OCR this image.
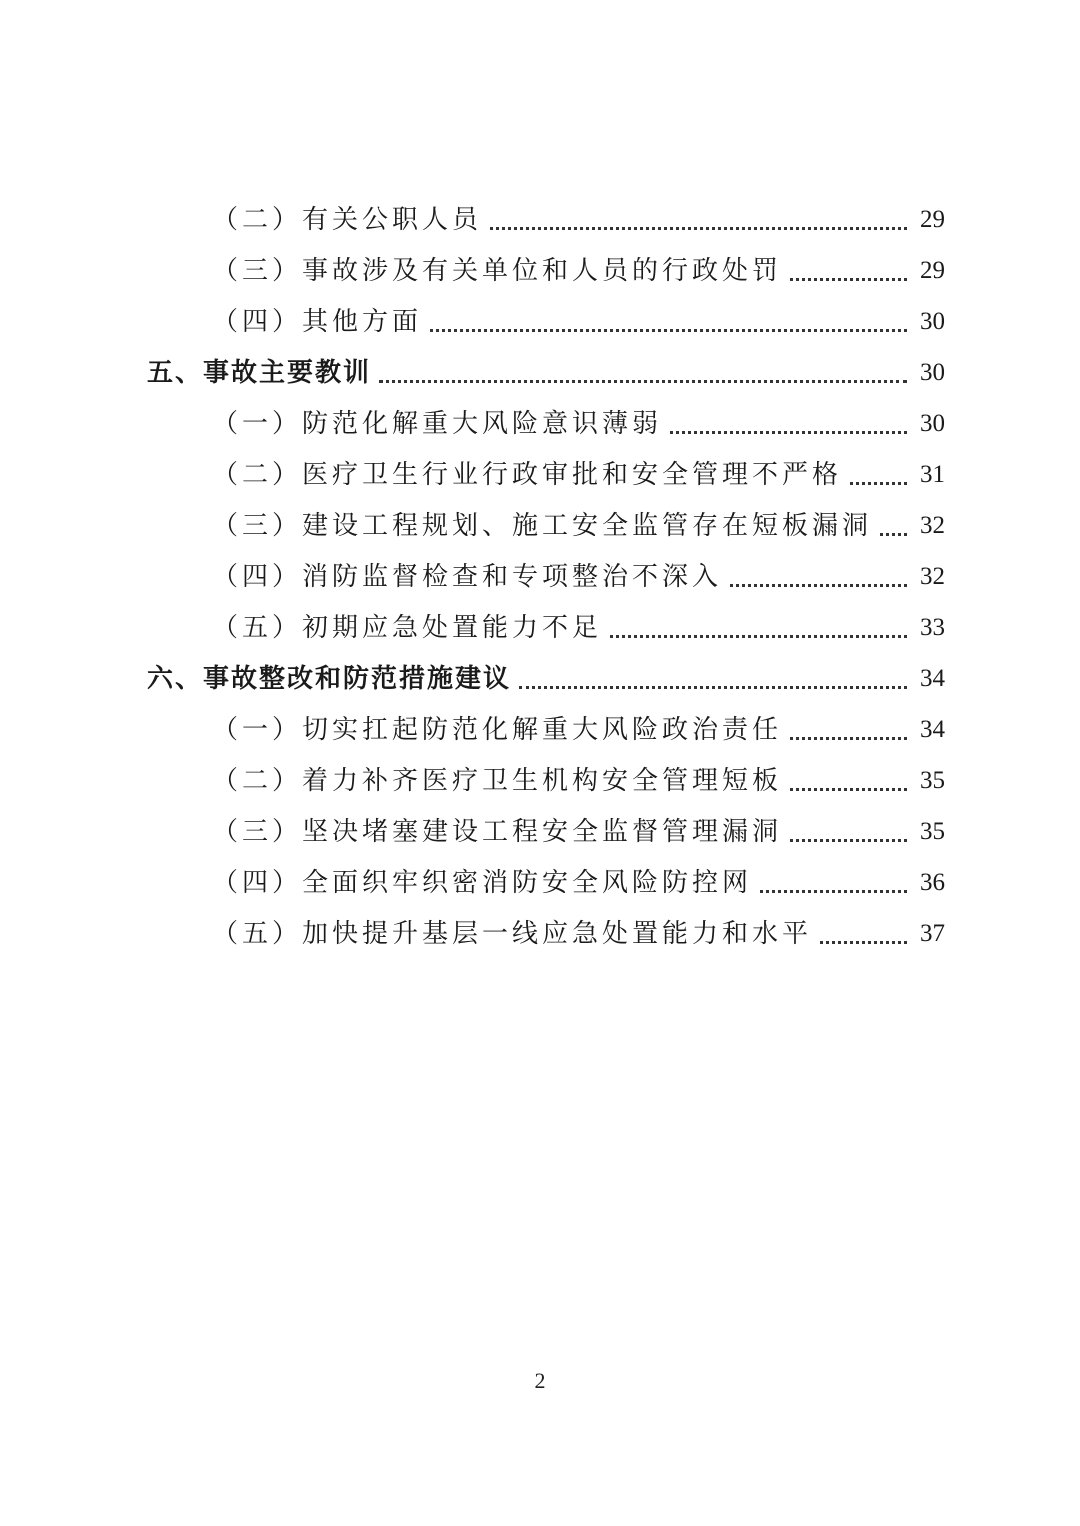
（二）有关公职人员	29
（三）事故涉及有关单位和人员的行政处罚	29
（四）其他方面	30
五、事故主要教训	30
（一）防范化解重大风险意识薄弱	30
（二）医疗卫生行业行政审批和安全管理不严格	31
（三）建设工程规划、施工安全监管存在短板漏洞 32
（四）消防监督检查和专项整治不深入	32
（五）初期应急处置能力不足	33
六、事故整改和防范措施建议	34
（一）切实扛起防范化解重大风险政治责任	34
（二）着力补齐医疗卫生机构安全管理短板	35
（三）坚决堵塞建设工程安全监督管理漏洞	35
（四）全面织牢织密消防安全风险防控网	36
（五）加快提升基层一线应急处置能力和水平	37
2
